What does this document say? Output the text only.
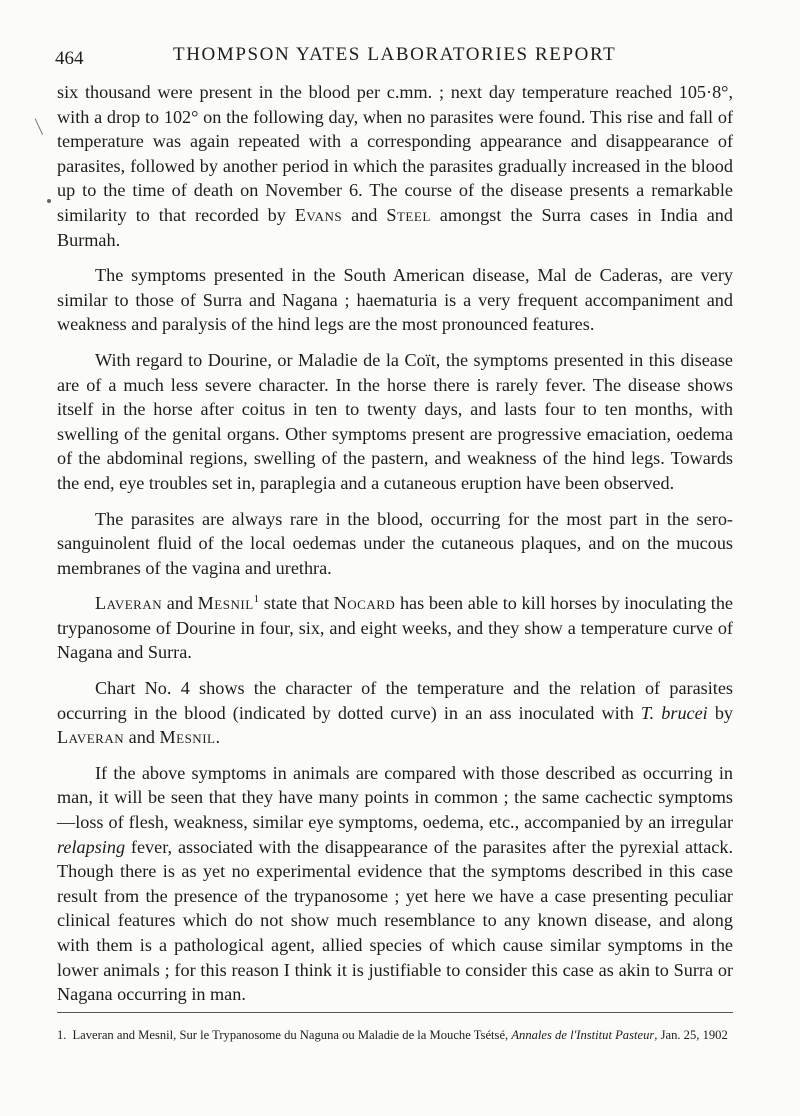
464	THOMPSON YATES LABORATORIES REPORT

six thousand were present in the blood per c.mm. ; next day temperature reached 105·8°, with a drop to 102° on the following day, when no parasites were found. This rise and fall of temperature was again repeated with a corresponding appearance and disappearance of parasites, followed by another period in which the parasites gradually increased in the blood up to the time of death on November 6. The course of the disease presents a remarkable similarity to that recorded by Evans and Steel amongst the Surra cases in India and Burmah.

The symptoms presented in the South American disease, Mal de Caderas, are very similar to those of Surra and Nagana ; haematuria is a very frequent accompaniment and weakness and paralysis of the hind legs are the most pronounced features.

With regard to Dourine, or Maladie de la Coït, the symptoms presented in this disease are of a much less severe character. In the horse there is rarely fever. The disease shows itself in the horse after coitus in ten to twenty days, and lasts four to ten months, with swelling of the genital organs. Other symptoms present are progressive emaciation, oedema of the abdominal regions, swelling of the pastern, and weakness of the hind legs. Towards the end, eye troubles set in, paraplegia and a cutaneous eruption have been observed.

The parasites are always rare in the blood, occurring for the most part in the sero-sanguinolent fluid of the local oedemas under the cutaneous plaques, and on the mucous membranes of the vagina and urethra.

Laveran and Mesnil$^1$ state that Nocard has been able to kill horses by inoculating the trypanosome of Dourine in four, six, and eight weeks, and they show a temperature curve of Nagana and Surra.

Chart No. 4 shows the character of the temperature and the relation of parasites occurring in the blood (indicated by dotted curve) in an ass inoculated with T. brucei by Laveran and Mesnil.

If the above symptoms in animals are compared with those described as occurring in man, it will be seen that they have many points in common ; the same cachectic symptoms—loss of flesh, weakness, similar eye symptoms, oedema, etc., accompanied by an irregular relapsing fever, associated with the disappearance of the parasites after the pyrexial attack. Though there is as yet no experimental evidence that the symptoms described in this case result from the presence of the trypanosome ; yet here we have a case presenting peculiar clinical features which do not show much resemblance to any known disease, and along with them is a pathological agent, allied species of which cause similar symptoms in the lower animals ; for this reason I think it is justifiable to consider this case as akin to Surra or Nagana occurring in man.

1. Laveran and Mesnil, Sur le Trypanosome du Naguna ou Maladie de la Mouche Tsétsé, Annales de l'Institut Pasteur, Jan. 25, 1902
